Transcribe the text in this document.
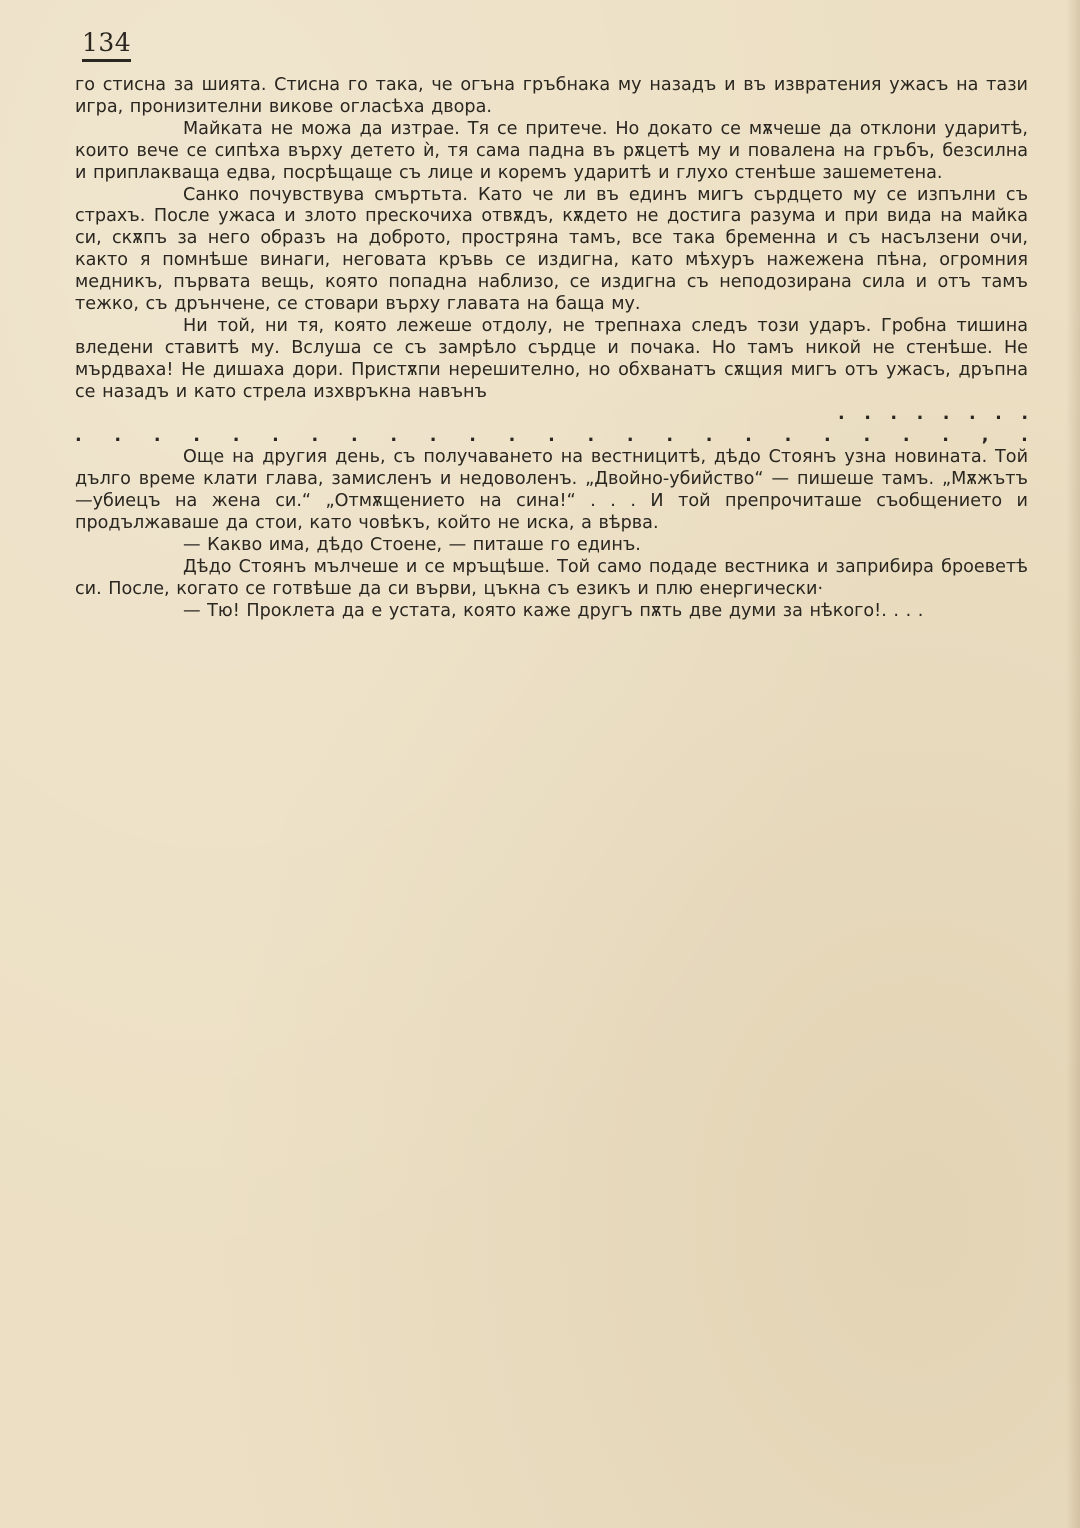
134

го стисна за шията. Стисна го така, че огъна гръбнака му назадъ и въ извратения ужасъ на тази игра, пронизителни викове огласѣха двора.

Майката не можа да изтрае. Тя се притече. Но докато се мѫчеше да отклони ударитѣ, които вече се сипѣха върху детето ѝ, тя сама падна въ рѫцетѣ му и повалена на гръбъ, безсилна и приплакваща едва, посрѣщаще съ лице и коремъ ударитѣ и глухо стенѣше зашеметена.

Санко почувствува смъртьта. Като че ли въ единъ мигъ сърдцето му се изпълни съ страхъ. После ужаса и злото прескочиха отвѫдъ, кѫдето не достига разума и при вида на майка си, скѫпъ за него образъ на доброто, простряна тамъ, все така бременна и съ насълзени очи, както я помнѣше винаги, неговата кръвь се издигна, като мѣхуръ нажежена пѣна, огромния медникъ, първата вещь, която попадна наблизо, се издигна съ неподозирана сила и отъ тамъ тежко, съ дрънчене, се стовари върху главата на баща му.

Ни той, ни тя, която лежеше отдолу, не трепнаха следъ този ударъ. Гробна тишина вледени ставитѣ му. Вслуша се съ замрѣло сърдце и почака. Но тамъ никой не стенѣше. Не мърдваха! Не дишаха дори. Пристѫпи нерешително, но обхванатъ сѫщия мигъ отъ ужасъ, дръпна се назадъ и като стрела изхвръкна навънъ

. . . . . . . .

. . . . . . . . . . . . . . . . . . . . . . . , .

Още на другия день, съ получаването на вестницитѣ, дѣдо Стоянъ узна новината. Той дълго време клати глава, замисленъ и недоволенъ. „Двойно-убийство“ — пишеше тамъ. „Мѫжътъ —убиецъ на жена си.“ „Отмѫщението на сина!“ . . . И той препрочиташе съобщението и продължаваше да стои, като човѣкъ, който не иска, а вѣрва.

— Какво има, дѣдо Стоене, — питаше го единъ.

Дѣдо Стоянъ мълчеше и се мръщѣше. Той само подаде вестника и заприбира броеветѣ си. После, когато се готвѣше да си върви, цъкна съ езикъ и плю енергически·

— Тю! Проклета да е устата, която каже другъ пѫть две думи за нѣкого!. . . .
